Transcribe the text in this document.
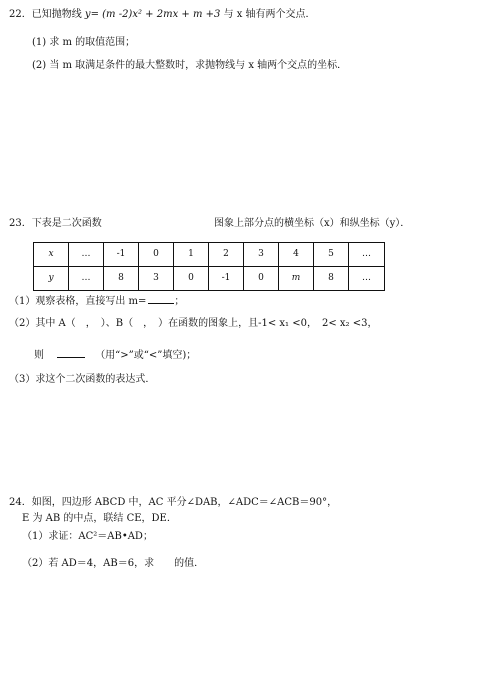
22．已知抛物线 y= (m -2)x² + 2mx + m +3 与 x 轴有两个交点．
(1) 求 m 的取值范围；
(2) 当 m 取满足条件的最大整数时，求抛物线与 x 轴两个交点的坐标．
23．下表是二次函数	图象上部分点的横坐标（x）和纵坐标（y）．
x	…	-1	0	1	2	3	4	5	…
y	…	8	3	0	-1	0	m	8	…
（1）观察表格，直接写出 m=	；
（2）其中 A（　，　）、B（　，　）在函数的图象上，且-1< x₁ <0，　2< x₂ <3，
则	（用“>”或“<”填空)；
（3）求这个二次函数的表达式．
24．如图，四边形 ABCD 中，AC 平分∠DAB，∠ADC＝∠ACB＝90°，
E 为 AB 的中点，联结 CE，DE．
（1）求证：AC²＝AB•AD；
（2）若 AD＝4，AB＝6，求　　的值．
